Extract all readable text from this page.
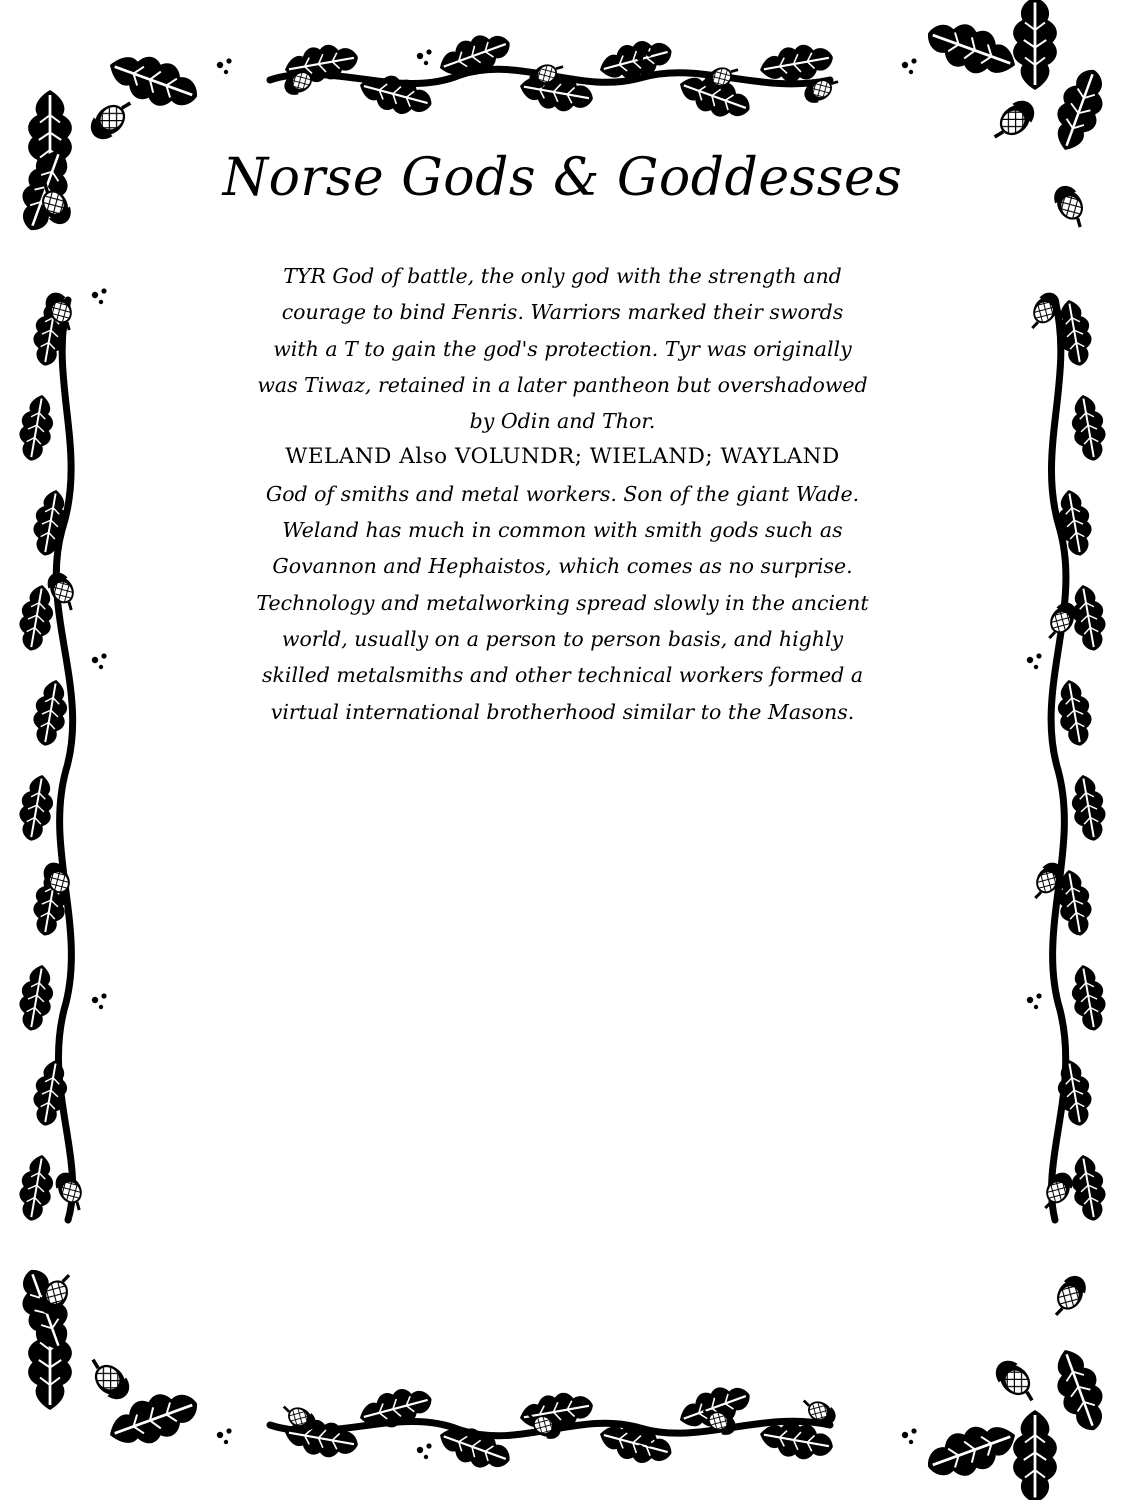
Norse Gods & Goddesses
TYR God of battle, the only god with the strength and
courage to bind Fenris. Warriors marked their swords
with a T to gain the god's protection. Tyr was originally
was Tiwaz, retained in a later pantheon but overshadowed
by Odin and Thor.
WELAND Also VOLUNDR; WIELAND; WAYLAND
God of smiths and metal workers. Son of the giant Wade.
Weland has much in common with smith gods such as
Govannon and Hephaistos, which comes as no surprise.
Technology and metalworking spread slowly in the ancient
world, usually on a person to person basis, and highly
skilled metalsmiths and other technical workers formed a
virtual international brotherhood similar to the Masons.
